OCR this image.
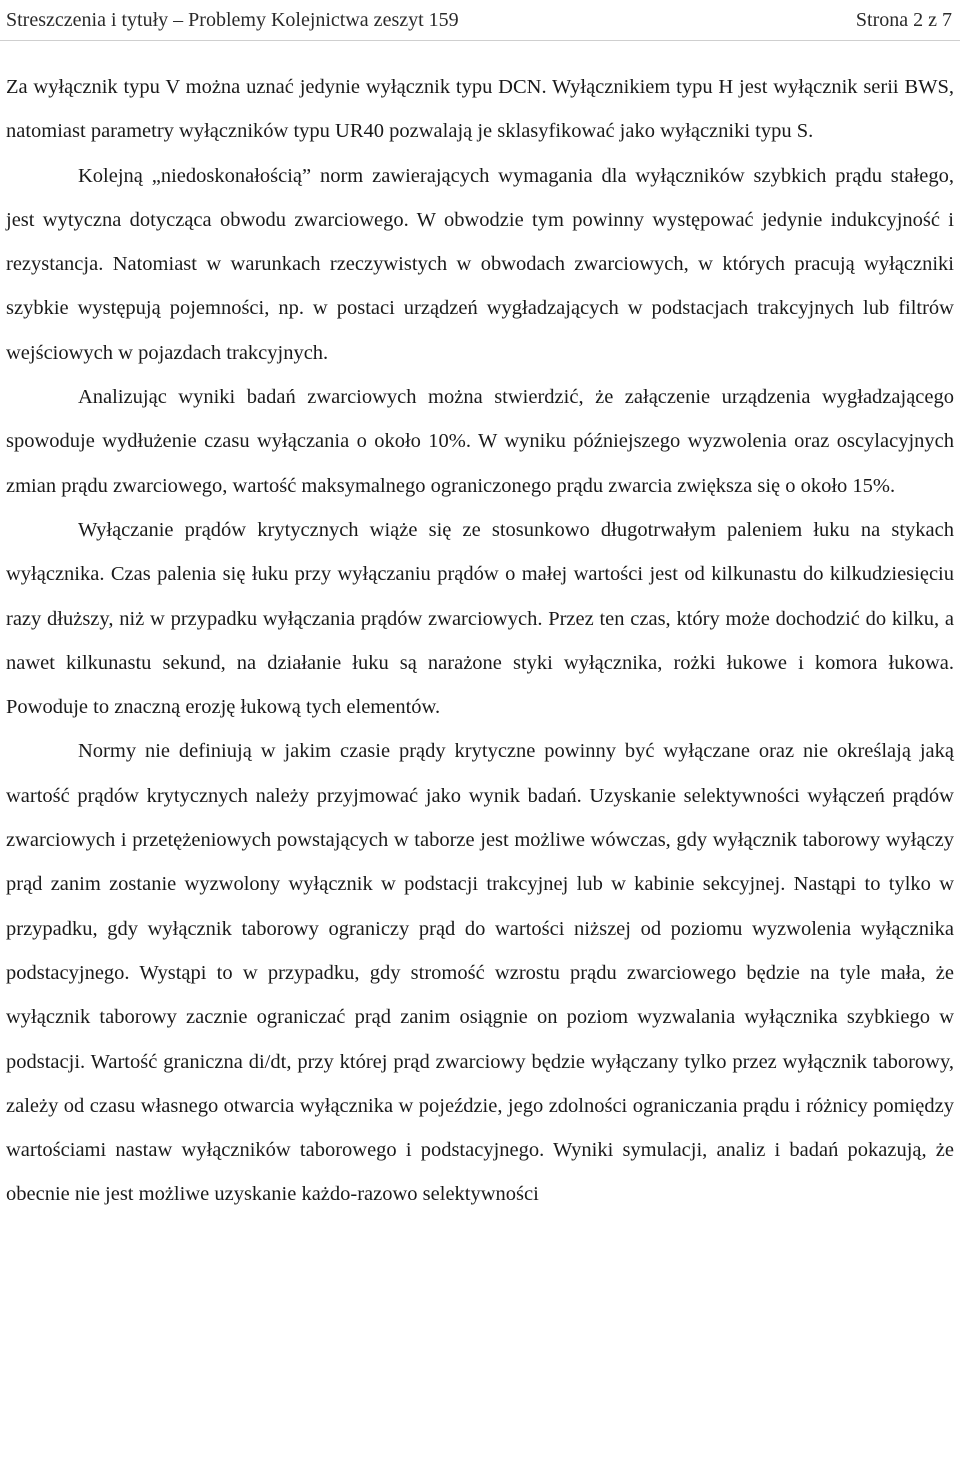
Streszczenia i tytuły – Problemy Kolejnictwa zeszyt 159	Strona 2 z 7

Za wyłącznik typu V można uznać jedynie wyłącznik typu DCN. Wyłącznikiem typu H jest wyłącznik serii BWS, natomiast parametry wyłączników typu UR40 pozwalają je sklasyfikować jako wyłączniki typu S.

Kolejną „niedoskonałością” norm zawierających wymagania dla wyłączników szybkich prądu stałego, jest wytyczna dotycząca obwodu zwarciowego. W obwodzie tym powinny występować jedynie indukcyjność i rezystancja. Natomiast w warunkach rzeczywistych w obwodach zwarciowych, w których pracują wyłączniki szybkie występują pojemności, np. w postaci urządzeń wygładzających w podstacjach trakcyjnych lub filtrów wejściowych w pojazdach trakcyjnych.

Analizując wyniki badań zwarciowych można stwierdzić, że załączenie urządzenia wygładzającego spowoduje wydłużenie czasu wyłączania o około 10%. W wyniku późniejszego wyzwolenia oraz oscylacyjnych zmian prądu zwarciowego, wartość maksymalnego ograniczonego prądu zwarcia zwiększa się o około 15%.

Wyłączanie prądów krytycznych wiąże się ze stosunkowo długotrwałym paleniem łuku na stykach wyłącznika. Czas palenia się łuku przy wyłączaniu prądów o małej wartości jest od kilkunastu do kilkudziesięciu razy dłuższy, niż w przypadku wyłączania prądów zwarciowych. Przez ten czas, który może dochodzić do kilku, a nawet kilkunastu sekund, na działanie łuku są narażone styki wyłącznika, rożki łukowe i komora łukowa. Powoduje to znaczną erozję łukową tych elementów.

Normy nie definiują w jakim czasie prądy krytyczne powinny być wyłączane oraz nie określają jaką wartość prądów krytycznych należy przyjmować jako wynik badań. Uzyskanie selektywności wyłączeń prądów zwarciowych i przetężeniowych powstających w taborze jest możliwe wówczas, gdy wyłącznik taborowy wyłączy prąd zanim zostanie wyzwolony wyłącznik w podstacji trakcyjnej lub w kabinie sekcyjnej. Nastąpi to tylko w przypadku, gdy wyłącznik taborowy ograniczy prąd do wartości niższej od poziomu wyzwolenia wyłącznika podstacyjnego. Wystąpi to w przypadku, gdy stromość wzrostu prądu zwarciowego będzie na tyle mała, że wyłącznik taborowy zacznie ograniczać prąd zanim osiągnie on poziom wyzwalania wyłącznika szybkiego w podstacji. Wartość graniczna di/dt, przy której prąd zwarciowy będzie wyłączany tylko przez wyłącznik taborowy, zależy od czasu własnego otwarcia wyłącznika w pojeździe, jego zdolności ograniczania prądu i różnicy pomiędzy wartościami nastaw wyłączników taborowego i podstacyjnego. Wyniki symulacji, analiz i badań pokazują, że obecnie nie jest możliwe uzyskanie każdo-razowo selektywności
